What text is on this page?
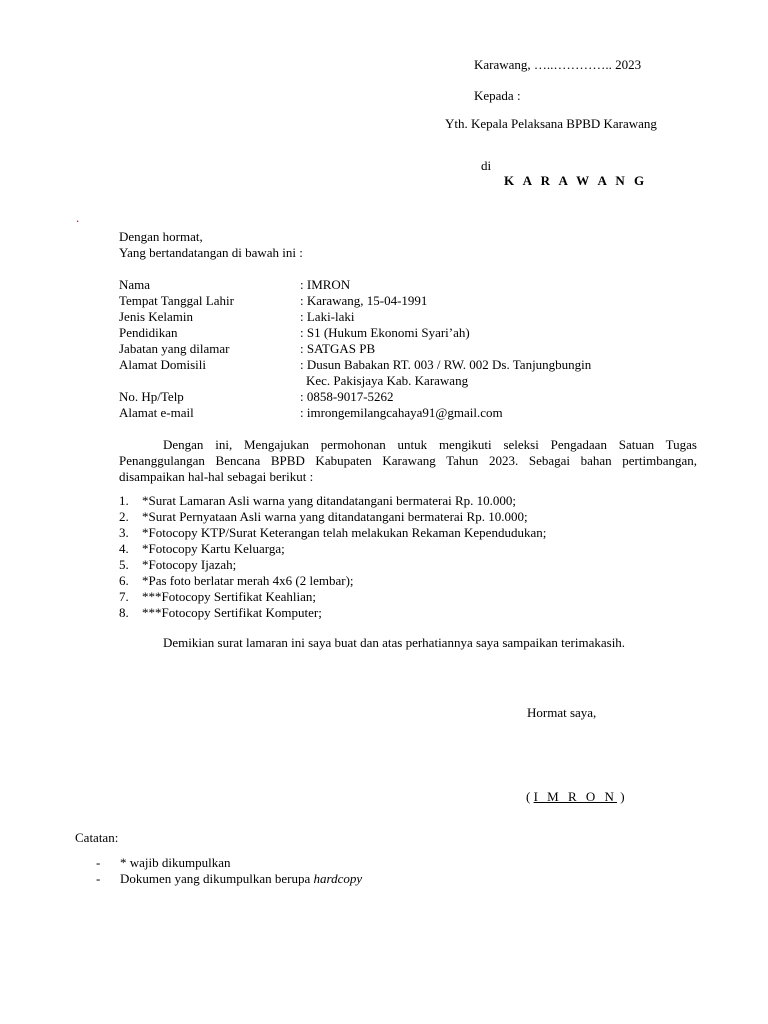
Karawang, …..………….. 2023
Kepada :
Yth. Kepala Pelaksana BPBD Karawang
di
K A R A W A N G
.
Dengan hormat,
Yang bertandatangan di bawah ini :
Nama	: IMRON
Tempat Tanggal Lahir	: Karawang, 15-04-1991
Jenis Kelamin	: Laki-laki
Pendidikan	: S1 (Hukum Ekonomi Syari’ah)
Jabatan yang dilamar	: SATGAS PB
Alamat Domisili	: Dusun Babakan RT. 003 / RW. 002 Ds. Tanjungbungin
Kec. Pakisjaya Kab. Karawang
No. Hp/Telp	: 0858-9017-5262
Alamat e-mail	: imrongemilangcahaya91@gmail.com
Dengan ini, Mengajukan permohonan untuk mengikuti seleksi Pengadaan Satuan Tugas Penanggulangan Bencana BPBD Kabupaten Karawang Tahun 2023. Sebagai bahan pertimbangan, disampaikan hal-hal sebagai berikut :
1. *Surat Lamaran Asli warna yang ditandatangani bermaterai Rp. 10.000;
2. *Surat Pernyataan Asli warna yang ditandatangani bermaterai Rp. 10.000;
3. *Fotocopy KTP/Surat Keterangan telah melakukan Rekaman Kependudukan;
4. *Fotocopy Kartu Keluarga;
5. *Fotocopy Ijazah;
6. *Pas foto berlatar merah 4x6 (2 lembar);
7. ***Fotocopy Sertifikat Keahlian;
8. ***Fotocopy Sertifikat Komputer;
Demikian surat lamaran ini saya buat dan atas perhatiannya saya sampaikan terimakasih.
Hormat saya,
( I M R O N )
Catatan:
- * wajib dikumpulkan
- Dokumen yang dikumpulkan berupa hardcopy
